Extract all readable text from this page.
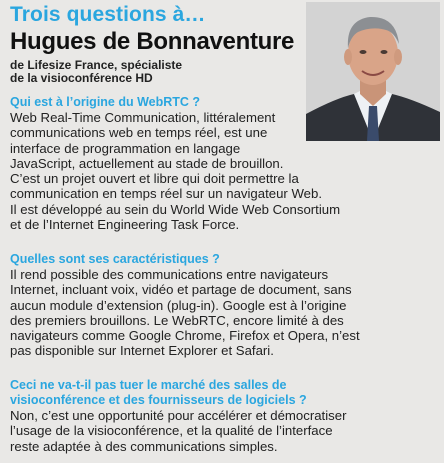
Trois questions à…
Hugues de Bonnaventure
de Lifesize France, spécialiste
de la visioconférence HD
Qui est à l’origine du WebRTC ?
Web Real-Time Communication, littéralement
communications web en temps réel, est une
interface de programmation en langage
JavaScript, actuellement au stade de brouillon.
C’est un projet ouvert et libre qui doit permettre la
communication en temps réel sur un navigateur Web.
Il est développé au sein du World Wide Web Consortium
et de l’Internet Engineering Task Force.
Quelles sont ses caractéristiques ?
Il rend possible des communications entre navigateurs
Internet, incluant voix, vidéo et partage de document, sans
aucun module d’extension (plug-in). Google est à l’origine
des premiers brouillons. Le WebRTC, encore limité à des
navigateurs comme Google Chrome, Firefox et Opera, n’est
pas disponible sur Internet Explorer et Safari.
Ceci ne va-t-il pas tuer le marché des salles de
visioconférence et des fournisseurs de logiciels ?
Non, c’est une opportunité pour accélérer et démocratiser
l’usage de la visioconférence, et la qualité de l’interface
reste adaptée à des communications simples.
